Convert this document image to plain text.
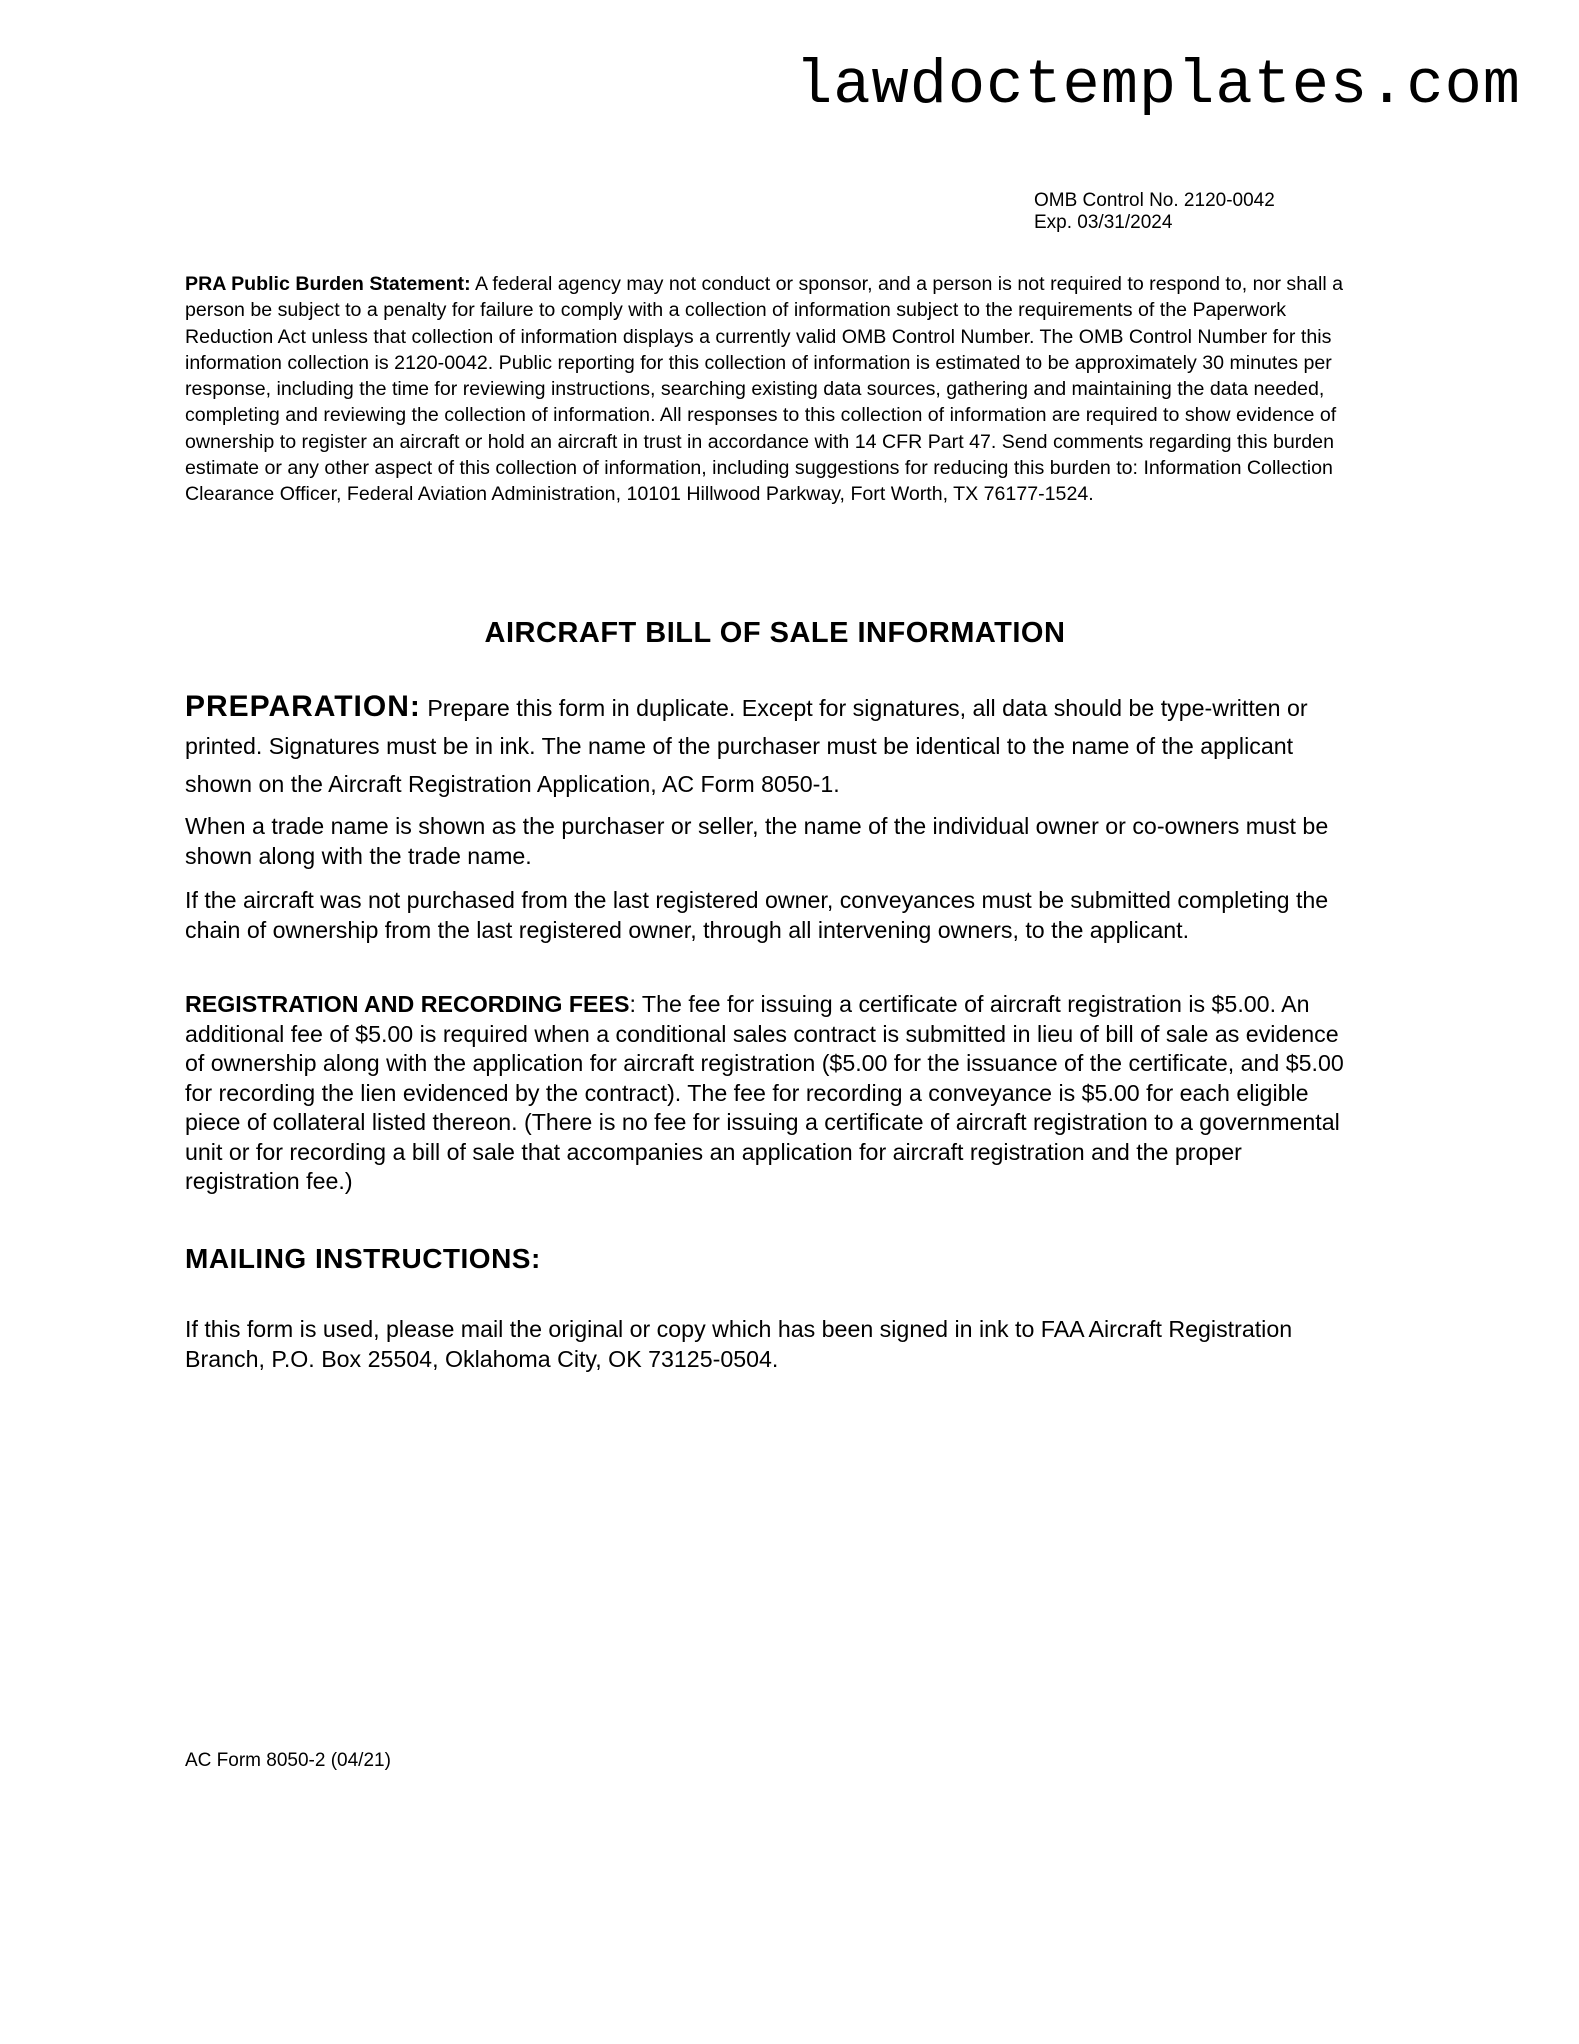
lawdoctemplates.com
OMB Control No. 2120-0042
Exp. 03/31/2024
PRA Public Burden Statement: A federal agency may not conduct or sponsor, and a person is not required to respond to, nor shall a person be subject to a penalty for failure to comply with a collection of information subject to the requirements of the Paperwork Reduction Act unless that collection of information displays a currently valid OMB Control Number. The OMB Control Number for this information collection is 2120-0042. Public reporting for this collection of information is estimated to be approximately 30 minutes per response, including the time for reviewing instructions, searching existing data sources, gathering and maintaining the data needed, completing and reviewing the collection of information. All responses to this collection of information are required to show evidence of ownership to register an aircraft or hold an aircraft in trust in accordance with 14 CFR Part 47. Send comments regarding this burden estimate or any other aspect of this collection of information, including suggestions for reducing this burden to: Information Collection Clearance Officer, Federal Aviation Administration, 10101 Hillwood Parkway, Fort Worth, TX 76177-1524.
AIRCRAFT BILL OF SALE INFORMATION

PREPARATION: Prepare this form in duplicate. Except for signatures, all data should be type-written or printed. Signatures must be in ink. The name of the purchaser must be identical to the name of the applicant shown on the Aircraft Registration Application, AC Form 8050-1.

When a trade name is shown as the purchaser or seller, the name of the individual owner or co-owners must be shown along with the trade name.

If the aircraft was not purchased from the last registered owner, conveyances must be submitted completing the chain of ownership from the last registered owner, through all intervening owners, to the applicant.

REGISTRATION AND RECORDING FEES: The fee for issuing a certificate of aircraft registration is $5.00. An additional fee of $5.00 is required when a conditional sales contract is submitted in lieu of bill of sale as evidence of ownership along with the application for aircraft registration ($5.00 for the issuance of the certificate, and $5.00 for recording the lien evidenced by the contract). The fee for recording a conveyance is $5.00 for each eligible piece of collateral listed thereon. (There is no fee for issuing a certificate of aircraft registration to a governmental unit or for recording a bill of sale that accompanies an application for aircraft registration and the proper registration fee.)

MAILING INSTRUCTIONS:

If this form is used, please mail the original or copy which has been signed in ink to FAA Aircraft Registration Branch, P.O. Box 25504, Oklahoma City, OK 73125-0504.

AC Form 8050-2 (04/21)
